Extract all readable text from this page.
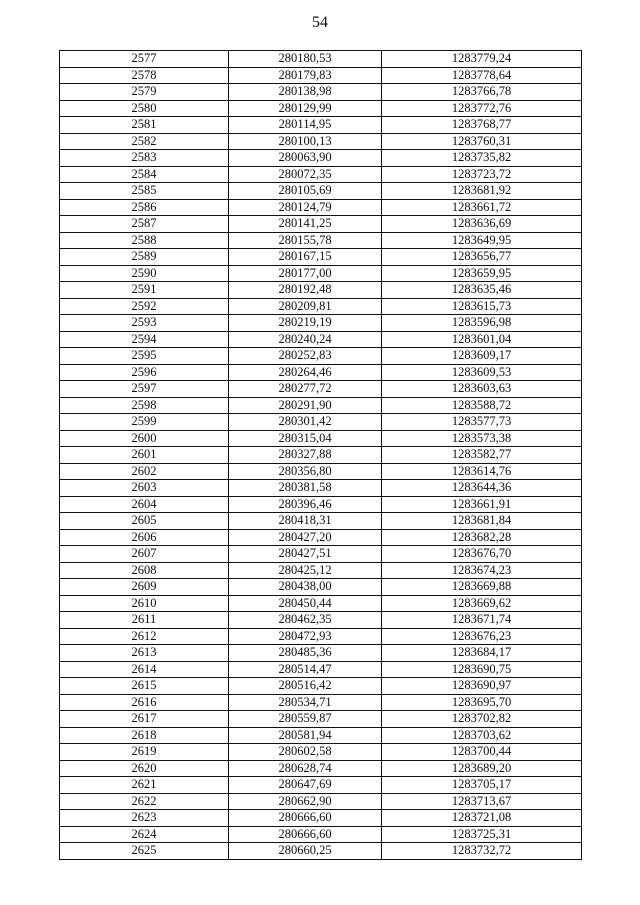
54
2577	280180,53	1283779,24
2578	280179,83	1283778,64
2579	280138,98	1283766,78
2580	280129,99	1283772,76
2581	280114,95	1283768,77
2582	280100,13	1283760,31
2583	280063,90	1283735,82
2584	280072,35	1283723,72
2585	280105,69	1283681,92
2586	280124,79	1283661,72
2587	280141,25	1283636,69
2588	280155,78	1283649,95
2589	280167,15	1283656,77
2590	280177,00	1283659,95
2591	280192,48	1283635,46
2592	280209,81	1283615,73
2593	280219,19	1283596,98
2594	280240,24	1283601,04
2595	280252,83	1283609,17
2596	280264,46	1283609,53
2597	280277,72	1283603,63
2598	280291,90	1283588,72
2599	280301,42	1283577,73
2600	280315,04	1283573,38
2601	280327,88	1283582,77
2602	280356,80	1283614,76
2603	280381,58	1283644,36
2604	280396,46	1283661,91
2605	280418,31	1283681,84
2606	280427,20	1283682,28
2607	280427,51	1283676,70
2608	280425,12	1283674,23
2609	280438,00	1283669,88
2610	280450,44	1283669,62
2611	280462,35	1283671,74
2612	280472,93	1283676,23
2613	280485,36	1283684,17
2614	280514,47	1283690,75
2615	280516,42	1283690,97
2616	280534,71	1283695,70
2617	280559,87	1283702,82
2618	280581,94	1283703,62
2619	280602,58	1283700,44
2620	280628,74	1283689,20
2621	280647,69	1283705,17
2622	280662,90	1283713,67
2623	280666,60	1283721,08
2624	280666,60	1283725,31
2625	280660,25	1283732,72
